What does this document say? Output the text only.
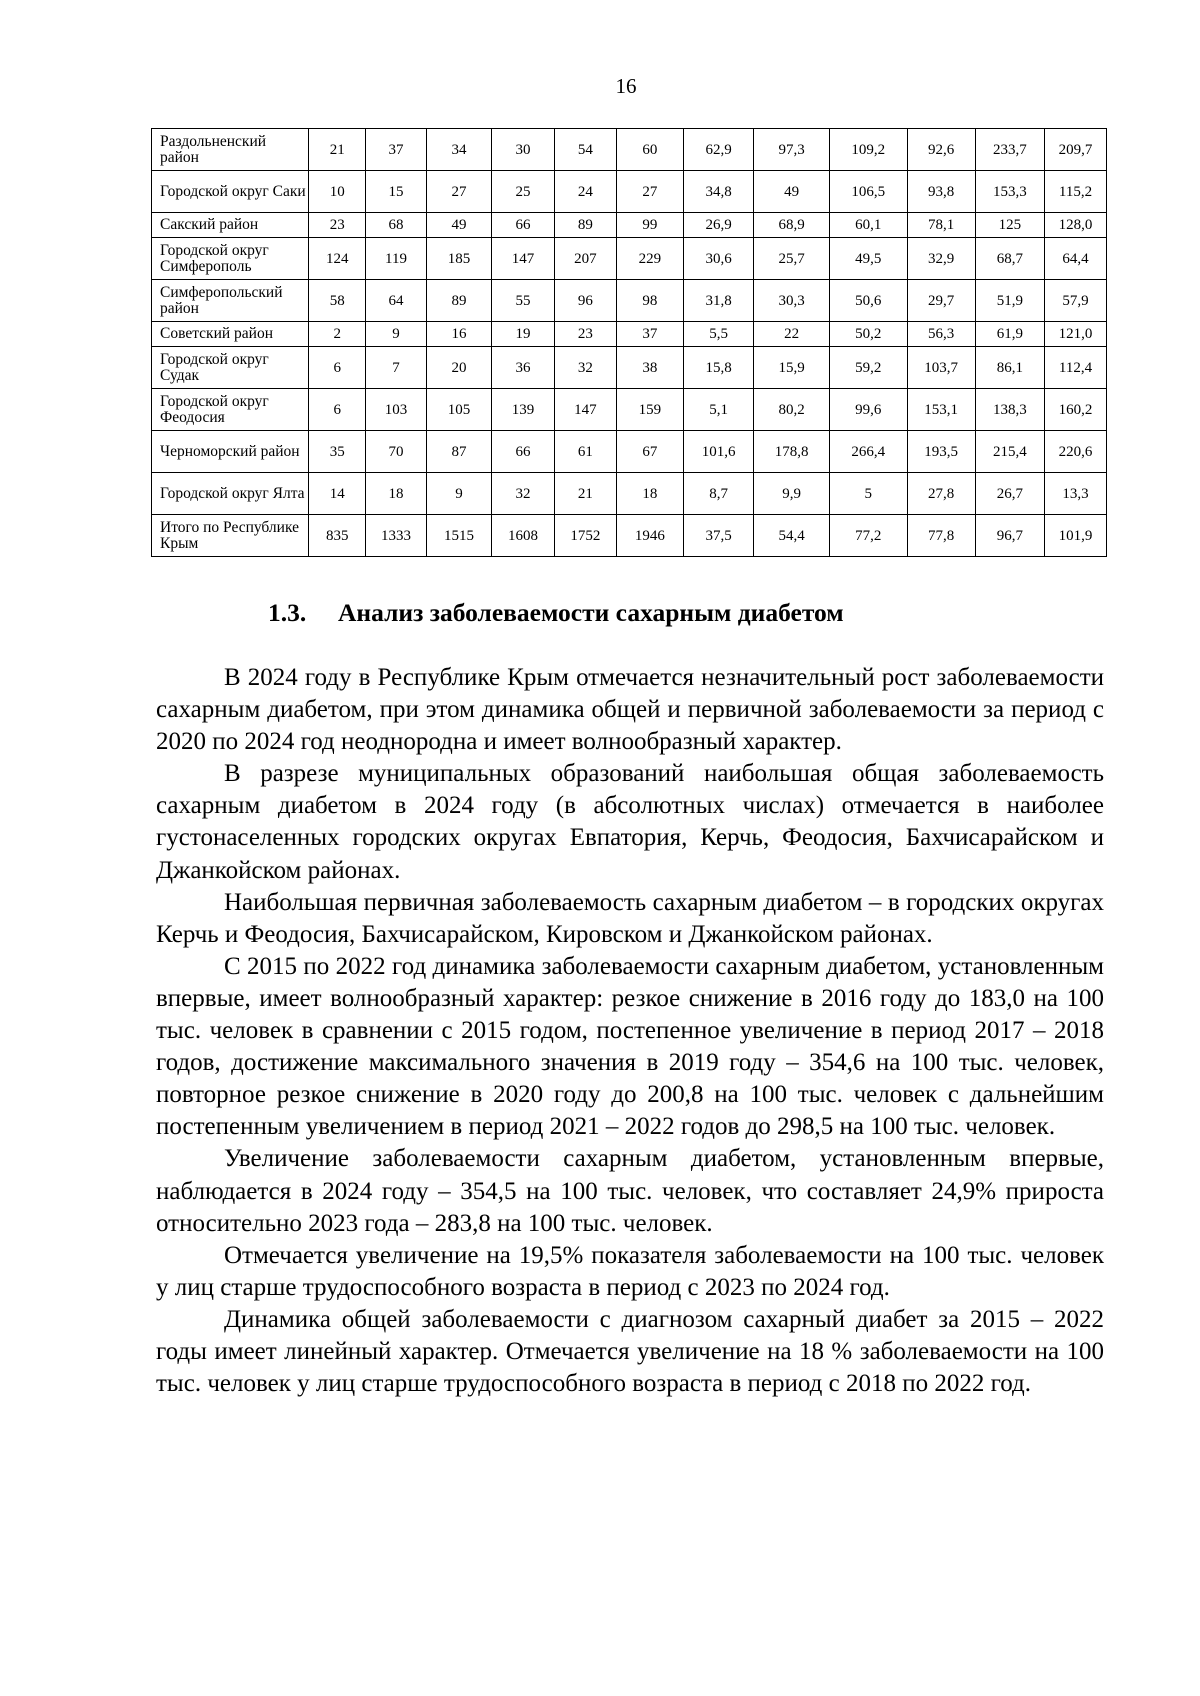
16
Раздольненский район	21	37	34	30	54	60	62,9	97,3	109,2	92,6	233,7	209,7
Городской округ Саки	10	15	27	25	24	27	34,8	49	106,5	93,8	153,3	115,2
Сакский район	23	68	49	66	89	99	26,9	68,9	60,1	78,1	125	128,0
Городской округ Симферополь	124	119	185	147	207	229	30,6	25,7	49,5	32,9	68,7	64,4
Симферопольский район	58	64	89	55	96	98	31,8	30,3	50,6	29,7	51,9	57,9
Советский район	2	9	16	19	23	37	5,5	22	50,2	56,3	61,9	121,0
Городской округ Судак	6	7	20	36	32	38	15,8	15,9	59,2	103,7	86,1	112,4
Городской округ Феодосия	6	103	105	139	147	159	5,1	80,2	99,6	153,1	138,3	160,2
Черноморский район	35	70	87	66	61	67	101,6	178,8	266,4	193,5	215,4	220,6
Городской округ Ялта	14	18	9	32	21	18	8,7	9,9	5	27,8	26,7	13,3
Итого по Республике Крым	835	1333	1515	1608	1752	1946	37,5	54,4	77,2	77,8	96,7	101,9
1.3. Анализ заболеваемости сахарным диабетом

В 2024 году в Республике Крым отмечается незначительный рост заболеваемости сахарным диабетом, при этом динамика общей и первичной заболеваемости за период с 2020 по 2024 год неоднородна и имеет волнообразный характер.

В разрезе муниципальных образований наибольшая общая заболеваемость сахарным диабетом в 2024 году (в абсолютных числах) отмечается в наиболее густонаселенных городских округах Евпатория, Керчь, Феодосия, Бахчисарайском и Джанкойском районах.

Наибольшая первичная заболеваемость сахарным диабетом – в городских округах Керчь и Феодосия, Бахчисарайском, Кировском и Джанкойском районах.

С 2015 по 2022 год динамика заболеваемости сахарным диабетом, установленным впервые, имеет волнообразный характер: резкое снижение в 2016 году до 183,0 на 100 тыс. человек в сравнении с 2015 годом, постепенное увеличение в период 2017 – 2018 годов, достижение максимального значения в 2019 году – 354,6 на 100 тыс. человек, повторное резкое снижение в 2020 году до 200,8 на 100 тыс. человек с дальнейшим постепенным увеличением в период 2021 – 2022 годов до 298,5 на 100 тыс. человек.

Увеличение заболеваемости сахарным диабетом, установленным впервые, наблюдается в 2024 году – 354,5 на 100 тыс. человек, что составляет 24,9% прироста относительно 2023 года – 283,8 на 100 тыс. человек.

Отмечается увеличение на 19,5% показателя заболеваемости на 100 тыс. человек у лиц старше трудоспособного возраста в период с 2023 по 2024 год.

Динамика общей заболеваемости с диагнозом сахарный диабет за 2015 – 2022 годы имеет линейный характер. Отмечается увеличение на 18 % заболеваемости на 100 тыс. человек у лиц старше трудоспособного возраста в период с 2018 по 2022 год.
